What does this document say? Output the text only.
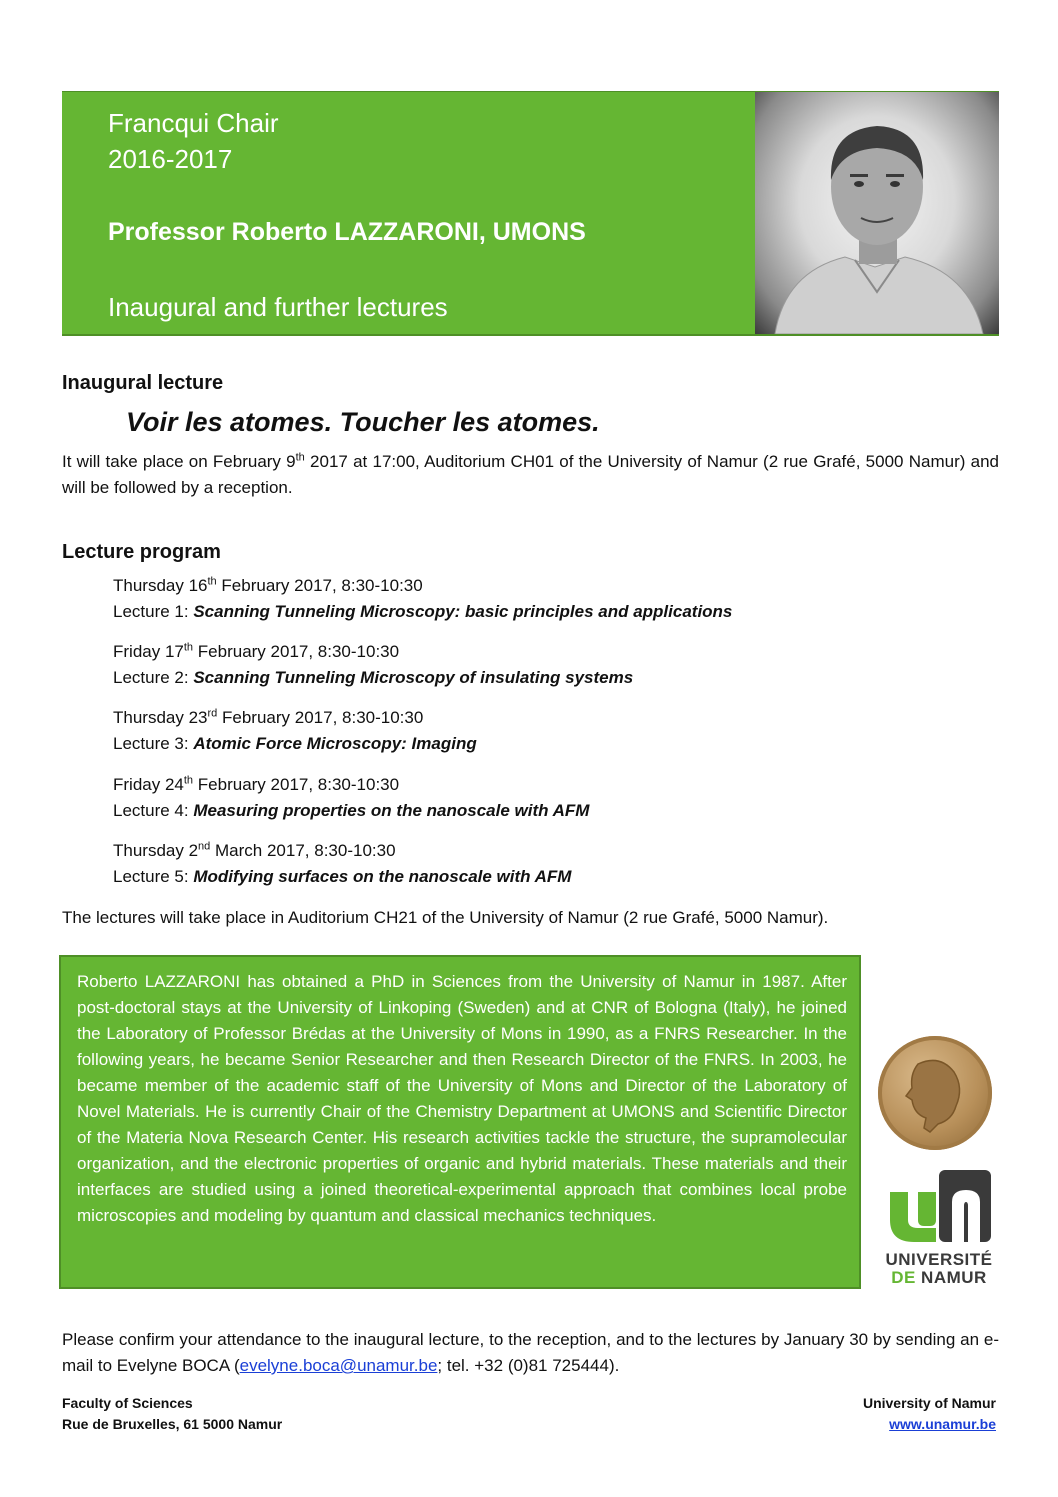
Francqui Chair
2016-2017
Professor Roberto LAZZARONI, UMONS
Inaugural and further lectures
Inaugural lecture
Voir les atomes. Toucher les atomes.
It will take place on February 9th 2017 at 17:00, Auditorium CH01 of the University of Namur (2 rue Grafé, 5000 Namur) and will be followed by a reception.
Lecture program
Thursday 16th February 2017, 8:30-10:30
Lecture 1: Scanning Tunneling Microscopy: basic principles and applications
Friday 17th February 2017, 8:30-10:30
Lecture 2: Scanning Tunneling Microscopy of insulating systems
Thursday 23rd February 2017, 8:30-10:30
Lecture 3: Atomic Force Microscopy: Imaging
Friday 24th February 2017, 8:30-10:30
Lecture 4: Measuring properties on the nanoscale with AFM
Thursday 2nd March 2017, 8:30-10:30
Lecture 5: Modifying surfaces on the nanoscale with AFM
The lectures will take place in Auditorium CH21 of the University of Namur (2 rue Grafé, 5000 Namur).

Roberto LAZZARONI has obtained a PhD in Sciences from the University of Namur in 1987. After post-doctoral stays at the University of Linkoping (Sweden) and at CNR of Bologna (Italy), he joined the Laboratory of Professor Brédas at the University of Mons in 1990, as a FNRS Researcher. In the following years, he became Senior Researcher and then Research Director of the FNRS. In 2003, he became member of the academic staff of the University of Mons and Director of the Laboratory of Novel Materials. He is currently Chair of the Chemistry Department at UMONS and Scientific Director of the Materia Nova Research Center. His research activities tackle the structure, the supramolecular organization, and the electronic properties of organic and hybrid materials. These materials and their interfaces are studied using a joined theoretical-experimental approach that combines local probe microscopies and modeling by quantum and classical mechanics techniques.

UNIVERSITÉ
DE NAMUR
Please confirm your attendance to the inaugural lecture, to the reception, and to the lectures by January 30 by sending an e-mail to Evelyne BOCA (evelyne.boca@unamur.be; tel. +32 (0)81 725444).
Faculty of Sciences
Rue de Bruxelles, 61 5000 Namur
University of Namur
www.unamur.be
